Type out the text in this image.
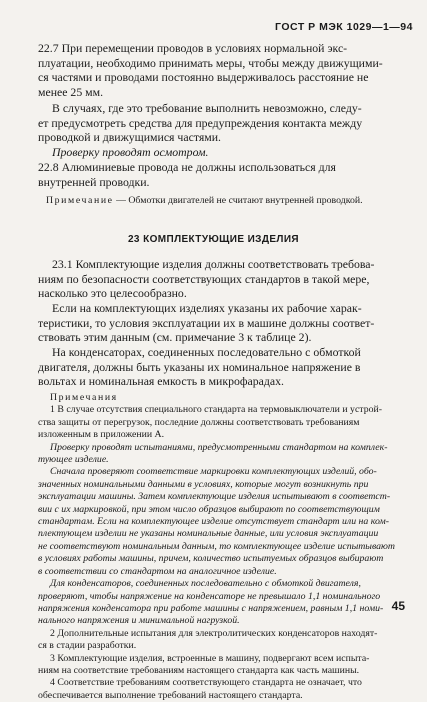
ГОСТ Р МЭК 1029—1—94
22.7 При перемещении проводов в условиях нормальной экс-
плуатации, необходимо принимать меры, чтобы между движущими-
ся частями и проводами постоянно выдерживалось расстояние не
менее 25 мм.
В случаях, где это требование выполнить невозможно, следу-
ет предусмотреть средства для предупреждения контакта между
проводкой и движущимися частями.
Проверку проводят осмотром.
22.8 Алюминиевые провода не должны использоваться для
внутренней проводки.
Примечание — Обмотки двигателей не считают внутренней проводкой.
23 КОМПЛЕКТУЮЩИЕ ИЗДЕЛИЯ
23.1 Комплектующие изделия должны соответствовать требова-
ниям по безопасности соответствующих стандартов в такой мере,
насколько это целесообразно.
Если на комплектующих изделиях указаны их рабочие харак-
теристики, то условия эксплуатации их в машине должны соответ-
ствовать этим данным (см. примечание 3 к таблице 2).
На конденсаторах, соединенных последовательно с обмоткой
двигателя, должны быть указаны их номинальное напряжение в
вольтах и номинальная емкость в микрофарадах.
Примечания
1 В случае отсутствия специального стандарта на термовыключатели и устрой-
ства защиты от перегрузок, последние должны соответствовать требованиям
изложенным в приложении А.
Проверку проводят испытаниями, предусмотренными стандартом на комплек-
тующее изделие.
Сначала проверяют соответствие маркировки комплектующих изделий, обо-
значенных номинальными данными в условиях, которые могут возникнуть при
эксплуатации машины. Затем комплектующие изделия испытывают в соответст-
вии с их маркировкой, при этом число образцов выбирают по соответствующим
стандартам. Если на комплектующее изделие отсутствует стандарт или на ком-
плектующем изделии не указаны номинальные данные, или условия эксплуатации
не соответствуют номинальным данным, то комплектующее изделие испытывают
в условиях работы машины, причем, количество испытуемых образцов выбирают
в соответствии со стандартом на аналогичное изделие.
Для конденсаторов, соединенных последовательно с обмоткой двигателя,
проверяют, чтобы напряжение на конденсаторе не превышало 1,1 номинального
напряжения конденсатора при работе машины с напряжением, равным 1,1 номи-
нального напряжения и минимальной нагрузкой.
2 Дополнительные испытания для электролитических конденсаторов находят-
ся в стадии разработки.
3 Комплектующие изделия, встроенные в машину, подвергают всем испыта-
ниям на соответствие требованиям настоящего стандарта как часть машины.
4 Соответствие требованиям соответствующего стандарта не означает, что
обеспечивается выполнение требований настоящего стандарта.
45
